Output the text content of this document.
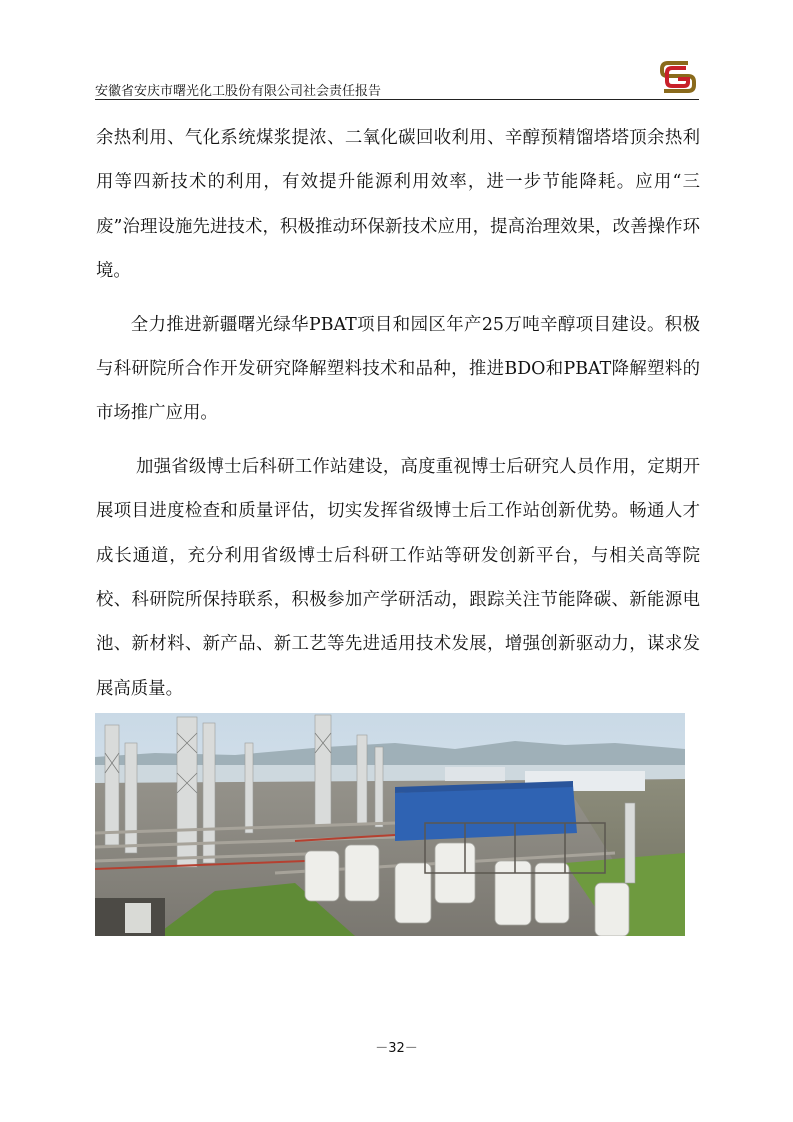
安徽省安庆市曙光化工股份有限公司社会责任报告

余热利用、气化系统煤浆提浓、二氧化碳回收利用、辛醇预精馏塔塔顶余热利用等四新技术的利用，有效提升能源利用效率，进一步节能降耗。应用“三废”治理设施先进技术，积极推动环保新技术应用，提高治理效果，改善操作环境。

全力推进新疆曙光绿华PBAT项目和园区年产25万吨辛醇项目建设。积极与科研院所合作开发研究降解塑料技术和品种，推进BDO和PBAT降解塑料的市场推广应用。

加强省级博士后科研工作站建设，高度重视博士后研究人员作用，定期开展项目进度检查和质量评估，切实发挥省级博士后工作站创新优势。畅通人才成长通道，充分利用省级博士后科研工作站等研发创新平台，与相关高等院校、科研院所保持联系，积极参加产学研活动，跟踪关注节能降碳、新能源电池、新材料、新产品、新工艺等先进适用技术发展，增强创新驱动力，谋求发展高质量。

－32－
